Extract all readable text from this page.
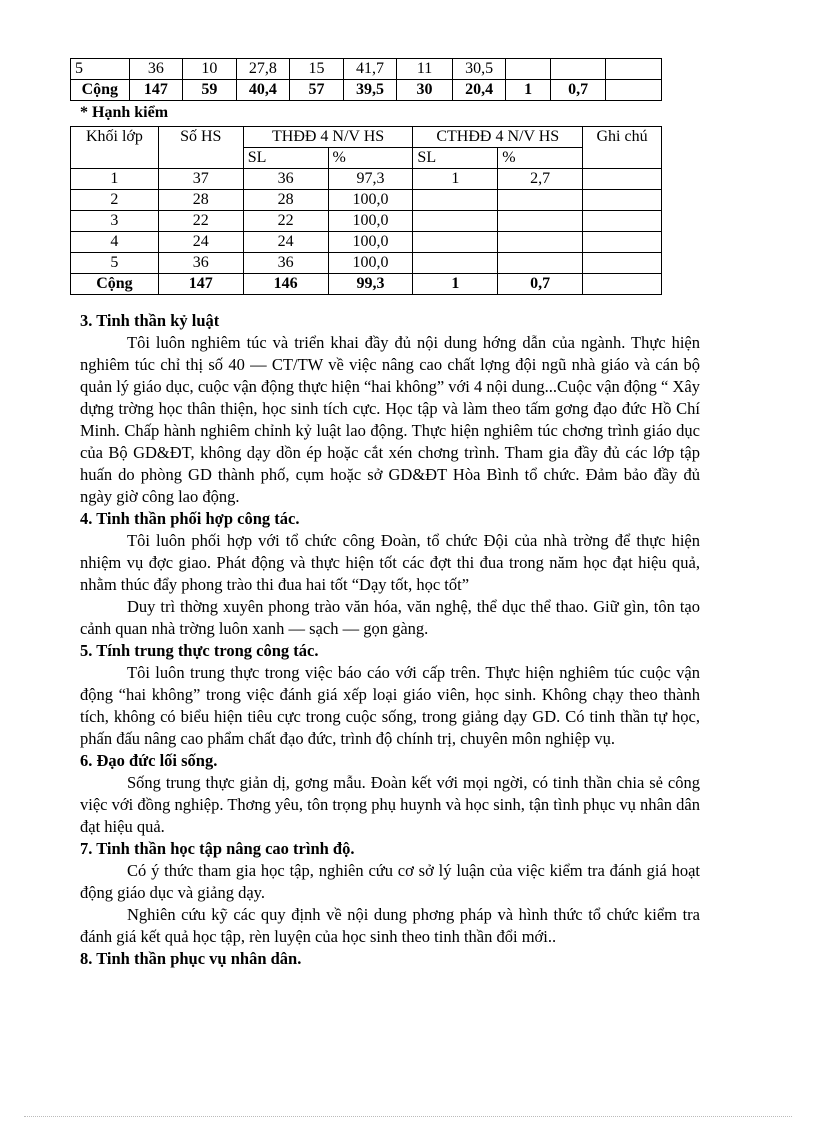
5	36	10	27,8	15	41,7	11	30,5			
Cộng	147	59	40,4	57	39,5	30	20,4	1	0,7	
* Hạnh kiểm
Khối lớp	Số HS	THĐĐ 4 N/V HS		CTHĐĐ 4 N/V HS		Ghi chú
		SL	%	SL	%	
1	37	36	97,3	1	2,7	
2	28	28	100,0			
3	22	22	100,0			
4	24	24	100,0			
5	36	36	100,0			
Cộng	147	146	99,3	1	0,7	
3. Tinh thần kỷ luật

Tôi luôn nghiêm túc và triển khai đầy đủ nội dung hớng dẫn của ngành. Thực hiện nghiêm túc chỉ thị số 40 — CT/TW về việc nâng cao chất lợng đội ngũ nhà giáo và cán bộ quản lý giáo dục, cuộc vận động thực hiện “hai không” với 4 nội dung...Cuộc vận động “ Xây dựng trờng học thân thiện, học sinh tích cực. Học tập và làm theo tấm gơng đạo đức Hồ Chí Minh. Chấp hành nghiêm chỉnh kỷ luật lao động. Thực hiện nghiêm túc chơng trình giáo dục của Bộ GD&ĐT, không dạy dồn ép hoặc cắt xén chơng trình. Tham gia đầy đủ các lớp tập huấn do phòng GD thành phố, cụm hoặc sở GD&ĐT Hòa Bình tổ chức. Đảm bảo đầy đủ ngày giờ công lao động.

4. Tinh thần phối hợp công tác.

Tôi luôn phối hợp với tổ chức công Đoàn, tổ chức Đội của nhà trờng để thực hiện nhiệm vụ đợc giao. Phát động và thực hiện tốt các đợt thi đua trong năm học đạt hiệu quả, nhằm thúc đẩy phong trào thi đua hai tốt “Dạy tốt, học tốt”

Duy trì thờng xuyên phong trào văn hóa, văn nghệ, thể dục thể thao. Giữ gìn, tôn tạo cảnh quan nhà trờng luôn xanh — sạch — gọn gàng.

5. Tính trung thực trong công tác.

Tôi luôn trung thực trong việc báo cáo với cấp trên. Thực hiện nghiêm túc cuộc vận động “hai không” trong việc đánh giá xếp loại giáo viên, học sinh. Không chạy theo thành tích, không có biểu hiện tiêu cực trong cuộc sống, trong giảng dạy GD. Có tinh thần tự học, phấn đấu nâng cao phẩm chất đạo đức, trình độ chính trị, chuyên môn nghiệp vụ.

6. Đạo đức lối sống.

Sống trung thực giản dị, gơng mẫu. Đoàn kết với mọi ngời, có tinh thần chia sẻ công việc với đồng nghiệp. Thơng yêu, tôn trọng phụ huynh và học sinh, tận tình phục vụ nhân dân đạt hiệu quả.

7. Tinh thần học tập nâng cao trình độ.

Có ý thức tham gia học tập, nghiên cứu cơ sở lý luận của việc kiểm tra đánh giá hoạt động giáo dục và giảng dạy.

Nghiên cứu kỹ các quy định về nội dung phơng pháp và hình thức tổ chức kiểm tra đánh giá kết quả học tập, rèn luyện của học sinh theo tinh thần đổi mới..

8. Tinh thần phục vụ nhân dân.
